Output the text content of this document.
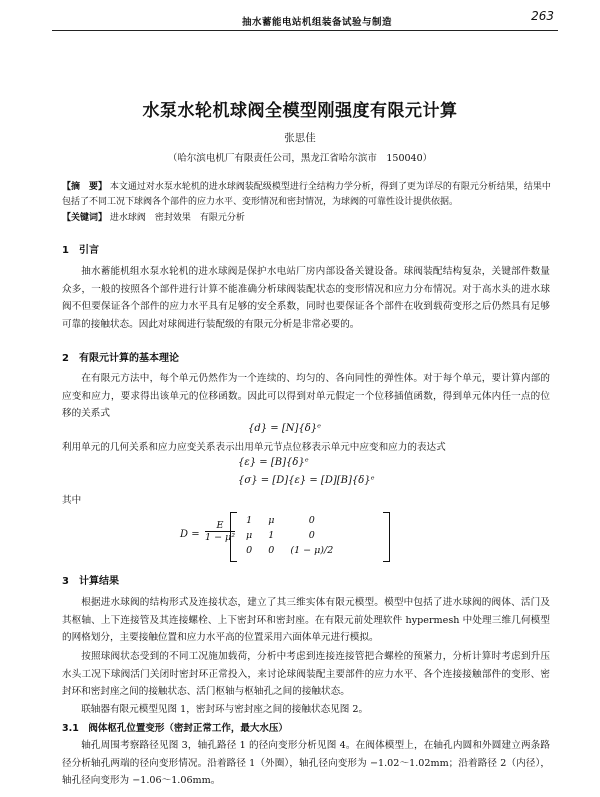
抽水蓄能电站机组装备试验与制造	263
水泵水轮机球阀全模型刚强度有限元计算
张思佳
（哈尔滨电机厂有限责任公司，黑龙江省哈尔滨市　150040）
【摘　要】 本文通过对水泵水轮机的进水球阀装配级模型进行全结构力学分析，得到了更为详尽的有限元分析结果，结果中包括了不同工况下球阀各个部件的应力水平、变形情况和密封情况，为球阀的可靠性设计提供依据。
【关键词】 进水球阀　密封效果　有限元分析
1　引言
抽水蓄能机组水泵水轮机的进水球阀是保护水电站厂房内部设备关键设备。球阀装配结构复杂，关键部件数量众多，一般的按照各个部件进行计算不能准确分析球阀装配状态的变形情况和应力分布情况。对于高水头的进水球阀不但要保证各个部件的应力水平具有足够的安全系数，同时也要保证各个部件在收到载荷变形之后仍然具有足够可靠的接触状态。因此对球阀进行装配级的有限元分析是非常必要的。
2　有限元计算的基本理论
在有限元方法中，每个单元仍然作为一个连续的、均匀的、各向同性的弹性体。对于每个单元，要计算内部的应变和应力，要求得出该单元的位移函数。因此可以得到对单元假定一个位移插值函数，得到单元体内任一点的位移的关系式
{d} = [N]{δ}ᵉ
利用单元的几何关系和应力应变关系表示出用单元节点位移表示单元中应变和应力的表达式
{ε} = [B]{δ}ᵉ
{σ} = [D]{ε} = [D][B]{δ}ᵉ
其中
$D = \frac{E}{\text{1 − μ²}} 1$	μ	0
μ	1	0
0	0	(1 − μ)/2
3　计算结果
根据进水球阀的结构形式及连接状态，建立了其三维实体有限元模型。模型中包括了进水球阀的阀体、活门及其枢轴、上下连接管及其连接螺栓、上下密封环和密封座。在有限元前处理软件 hypermesh 中处理三维几何模型的网格划分，主要接触位置和应力水平高的位置采用六面体单元进行模拟。
按照球阀状态受到的不同工况施加载荷，分析中考虑到连接连接管把合螺栓的预紧力，分析计算时考虑到升压水头工况下球阀活门关闭时密封环正常投入，来讨论球阀装配主要部件的应力水平、各个连接接触部件的变形、密封环和密封座之间的接触状态、活门枢轴与枢轴孔之间的接触状态。
联轴器有限元模型见图 1，密封环与密封座之间的接触状态见图 2。
3.1　阀体枢孔位置变形（密封正常工作，最大水压）
轴孔周围考察路径见图 3，轴孔路径 1 的径向变形分析见图 4。在阀体模型上，在轴孔内圆和外圆建立两条路径分析轴孔两端的径向变形情况。沿着路径 1（外圈），轴孔径向变形为 −1.02～1.02mm；沿着路径 2（内径），轴孔径向变形为 −1.06～1.06mm。
